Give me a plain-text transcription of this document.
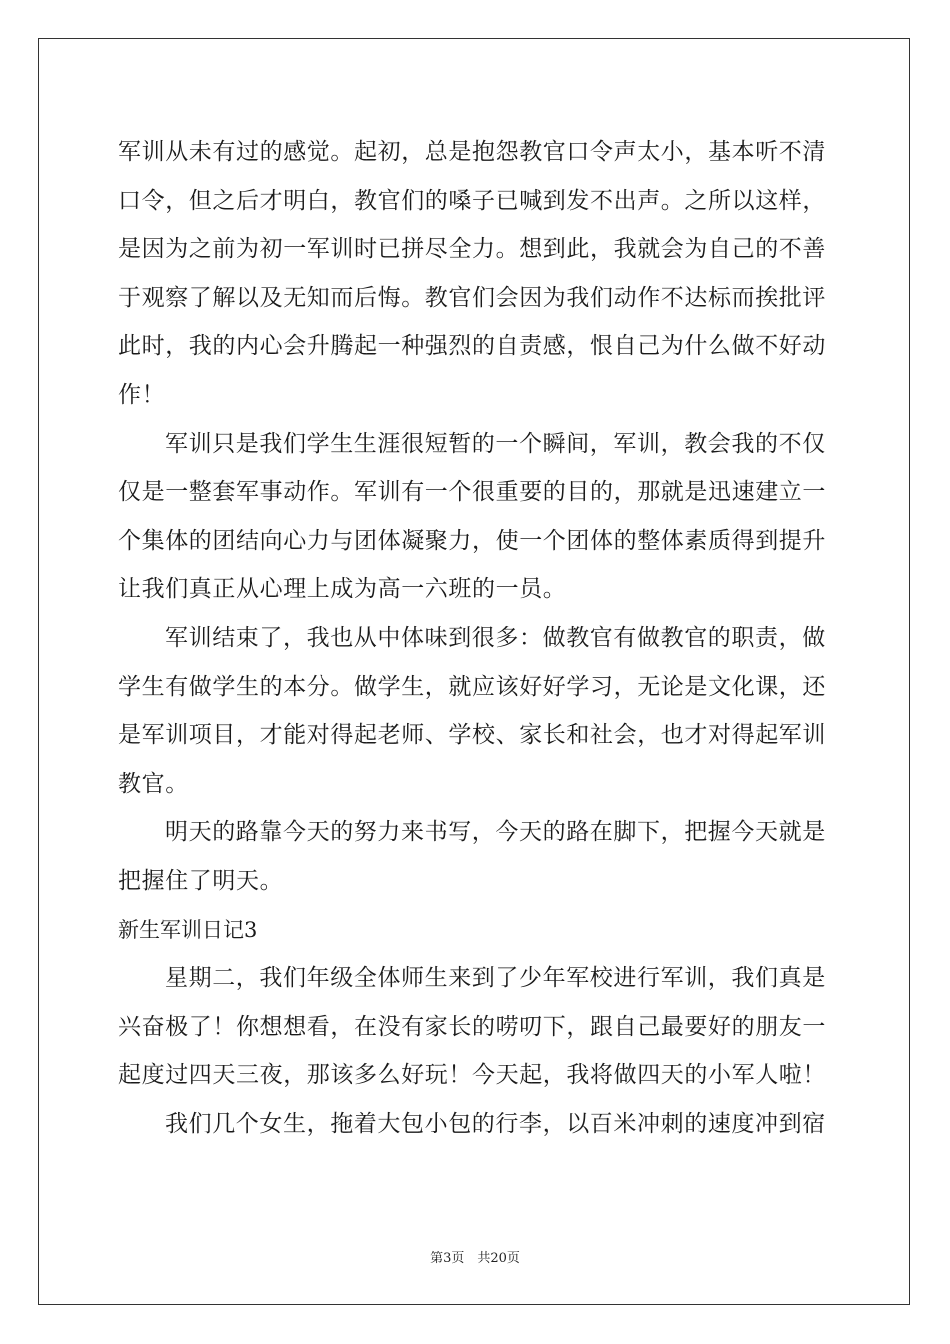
军训从未有过的感觉。起初，总是抱怨教官口令声太小，基本听不清
口令，但之后才明白，教官们的嗓子已喊到发不出声。之所以这样，
是因为之前为初一军训时已拼尽全力。想到此，我就会为自己的不善
于观察了解以及无知而后悔。教官们会因为我们动作不达标而挨批评
此时，我的内心会升腾起一种强烈的自责感，恨自己为什么做不好动
作！
军训只是我们学生生涯很短暂的一个瞬间，军训，教会我的不仅
仅是一整套军事动作。军训有一个很重要的目的，那就是迅速建立一
个集体的团结向心力与团体凝聚力，使一个团体的整体素质得到提升
让我们真正从心理上成为高一六班的一员。
军训结束了，我也从中体味到很多：做教官有做教官的职责，做
学生有做学生的本分。做学生，就应该好好学习，无论是文化课，还
是军训项目，才能对得起老师、学校、家长和社会，也才对得起军训
教官。
明天的路靠今天的努力来书写，今天的路在脚下，把握今天就是
把握住了明天。
新生军训日记3
星期二，我们年级全体师生来到了少年军校进行军训，我们真是
兴奋极了！你想想看，在没有家长的唠叨下，跟自己最要好的朋友一
起度过四天三夜，那该多么好玩！今天起，我将做四天的小军人啦！
我们几个女生，拖着大包小包的行李，以百米冲刺的速度冲到宿
第3页　共20页
